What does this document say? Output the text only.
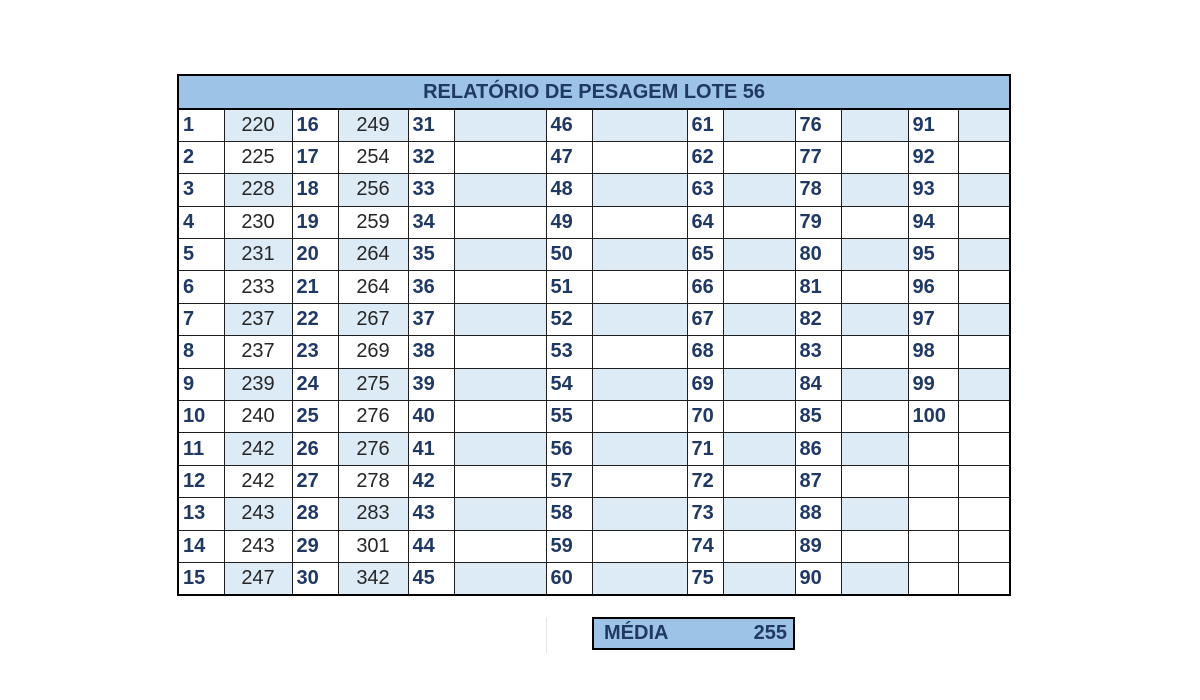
RELATÓRIO DE PESAGEM LOTE 56													
1	220	16	249	31		46		61		76		91	
2	225	17	254	32		47		62		77		92	
3	228	18	256	33		48		63		78		93	
4	230	19	259	34		49		64		79		94	
5	231	20	264	35		50		65		80		95	
6	233	21	264	36		51		66		81		96	
7	237	22	267	37		52		67		82		97	
8	237	23	269	38		53		68		83		98	
9	239	24	275	39		54		69		84		99	
10	240	25	276	40		55		70		85		100	
11	242	26	276	41		56		71		86			
12	242	27	278	42		57		72		87			
13	243	28	283	43		58		73		88			
14	243	29	301	44		59		74		89			
15	247	30	342	45		60		75		90			
MÉDIA	255
